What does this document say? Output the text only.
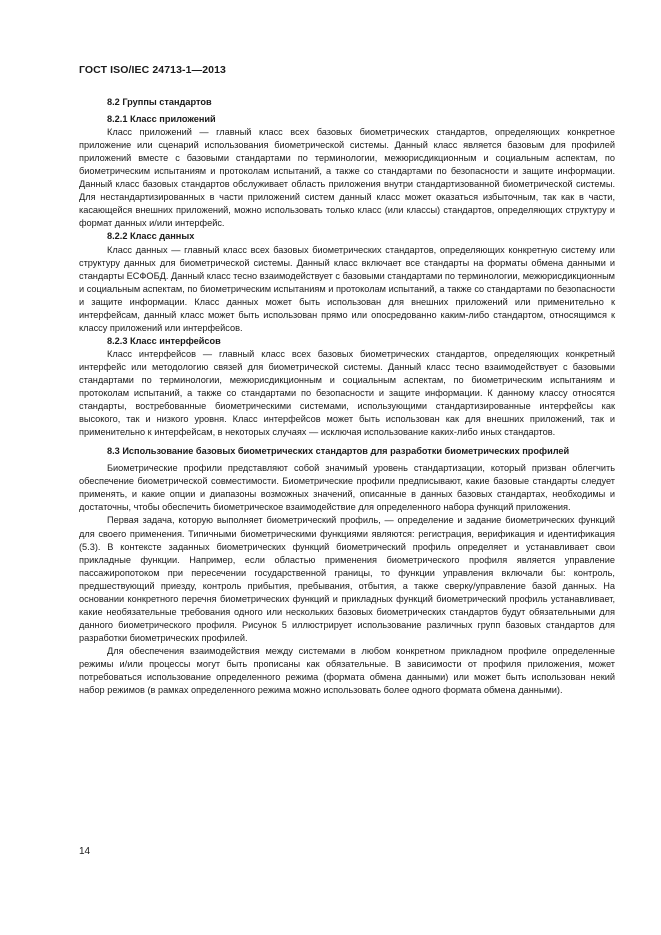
ГОСТ ISO/IEC 24713-1—2013
8.2 Группы стандартов
8.2.1 Класс приложений

Класс приложений — главный класс всех базовых биометрических стандартов, определяющих конкретное приложение или сценарий использования биометрической системы. Данный класс является базовым для профилей приложений вместе с базовыми стандартами по терминологии, межюрисдикционным и социальным аспектам, по биометрическим испытаниям и протоколам испытаний, а также со стандартами по безопасности и защите информации. Данный класс базовых стандартов обслуживает область приложения внутри стандартизованной биометрической системы. Для нестандартизированных в части приложений систем данный класс может оказаться избыточным, так как в части, касающейся внешних приложений, можно использовать только класс (или классы) стандартов, определяющих структуру и формат данных и/или интерфейс.

8.2.2 Класс данных

Класс данных — главный класс всех базовых биометрических стандартов, определяющих конкретную систему или структуру данных для биометрической системы. Данный класс включает все стандарты на форматы обмена данными и стандарты ЕСФОБД. Данный класс тесно взаимодействует с базовыми стандартами по терминологии, межюрисдикционным и социальным аспектам, по биометрическим испытаниям и протоколам испытаний, а также со стандартами по безопасности и защите информации. Класс данных может быть использован для внешних приложений или применительно к интерфейсам, данный класс может быть использован прямо или опосредованно каким-либо стандартом, относящимся к классу приложений или интерфейсов.

8.2.3 Класс интерфейсов

Класс интерфейсов — главный класс всех базовых биометрических стандартов, определяющих конкретный интерфейс или методологию связей для биометрической системы. Данный класс тесно взаимодействует с базовыми стандартами по терминологии, межюрисдикционным и социальным аспектам, по биометрическим испытаниям и протоколам испытаний, а также со стандартами по безопасности и защите информации. К данному классу относятся стандарты, востребованные биометрическими системами, использующими стандартизированные интерфейсы как высокого, так и низкого уровня. Класс интерфейсов может быть использован как для внешних приложений, так и применительно к интерфейсам, в некоторых случаях — исключая использование каких-либо иных стандартов.

8.3 Использование базовых биометрических стандартов для разработки биометрических профилей

Биометрические профили представляют собой значимый уровень стандартизации, который призван облегчить обеспечение биометрической совместимости. Биометрические профили предписывают, какие базовые стандарты следует применять, и какие опции и диапазоны возможных значений, описанные в данных базовых стандартах, необходимы и достаточны, чтобы обеспечить биометрическое взаимодействие для определенного набора функций приложения.

Первая задача, которую выполняет биометрический профиль, — определение и задание биометрических функций для своего применения. Типичными биометрическими функциями являются: регистрация, верификация и идентификация (5.3). В контексте заданных биометрических функций биометрический профиль определяет и устанавливает свои прикладные функции. Например, если областью применения биометрического профиля является управление пассажиропотоком при пересечении государственной границы, то функции управления включали бы: контроль, предшествующий приезду, контроль прибытия, пребывания, отбытия, а также сверку/управление базой данных. На основании конкретного перечня биометрических функций и прикладных функций биометрический профиль устанавливает, какие необязательные требования одного или нескольких базовых биометрических стандартов будут обязательными для данного биометрического профиля. Рисунок 5 иллюстрирует использование различных групп базовых стандартов для разработки биометрических профилей.

Для обеспечения взаимодействия между системами в любом конкретном прикладном профиле определенные режимы и/или процессы могут быть прописаны как обязательные. В зависимости от профиля приложения, может потребоваться использование определенного режима (формата обмена данными) или может быть использован некий набор режимов (в рамках определенного режима можно использовать более одного формата обмена данными).

14
